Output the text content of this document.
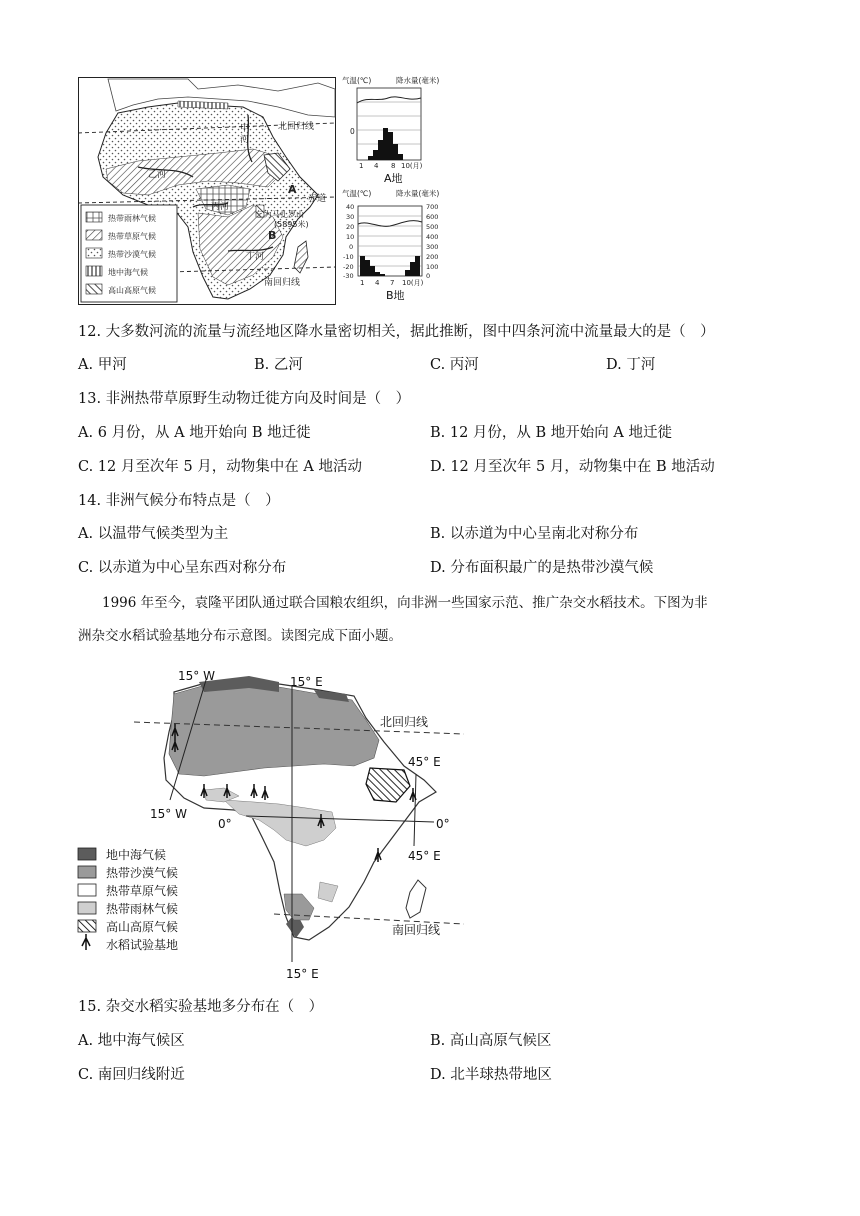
甲
河
乙河
丙河
丁河
A
B
北回归线
赤道
南回归线
乞力马扎罗山
(5895米)
热带雨林气候
热带草原气候
热带沙漠气候
地中海气候
高山高原气候
气温(℃)	降水量(毫米)
0
1 4 8 10(月)
A地
气温(℃)	降水量(毫米)
40
30
20
10
0
-10
-20
-30
700
600
500
400
300
200
100
0
1 4 7 10(月)
B地
12. 大多数河流的流量与流经地区降水量密切相关，据此推断，图中四条河流中流量最大的是（　）
A. 甲河	B. 乙河	C. 丙河	D. 丁河
13. 非洲热带草原野生动物迁徙方向及时间是（　）
A. 6 月份，从 A 地开始向 B 地迁徙	B. 12 月份，从 B 地开始向 A 地迁徙
C. 12 月至次年 5 月，动物集中在 A 地活动	D. 12 月至次年 5 月，动物集中在 B 地活动
14. 非洲气候分布特点是（　）
A. 以温带气候类型为主	B. 以赤道为中心呈南北对称分布
C. 以赤道为中心呈东西对称分布	D. 分布面积最广的是热带沙漠气候
1996 年至今，袁隆平团队通过联合国粮农组织，向非洲一些国家示范、推广杂交水稻技术。下图为非
洲杂交水稻试验基地分布示意图。读图完成下面小题。
15° W
15° W
15° E
15° E
45° E
45° E
0°	0°
北回归线
南回归线
地中海气候
热带沙漠气候
热带草原气候
热带雨林气候
高山高原气候
水稻试验基地
15. 杂交水稻实验基地多分布在（　）
A. 地中海气候区	B. 高山高原气候区
C. 南回归线附近	D. 北半球热带地区
